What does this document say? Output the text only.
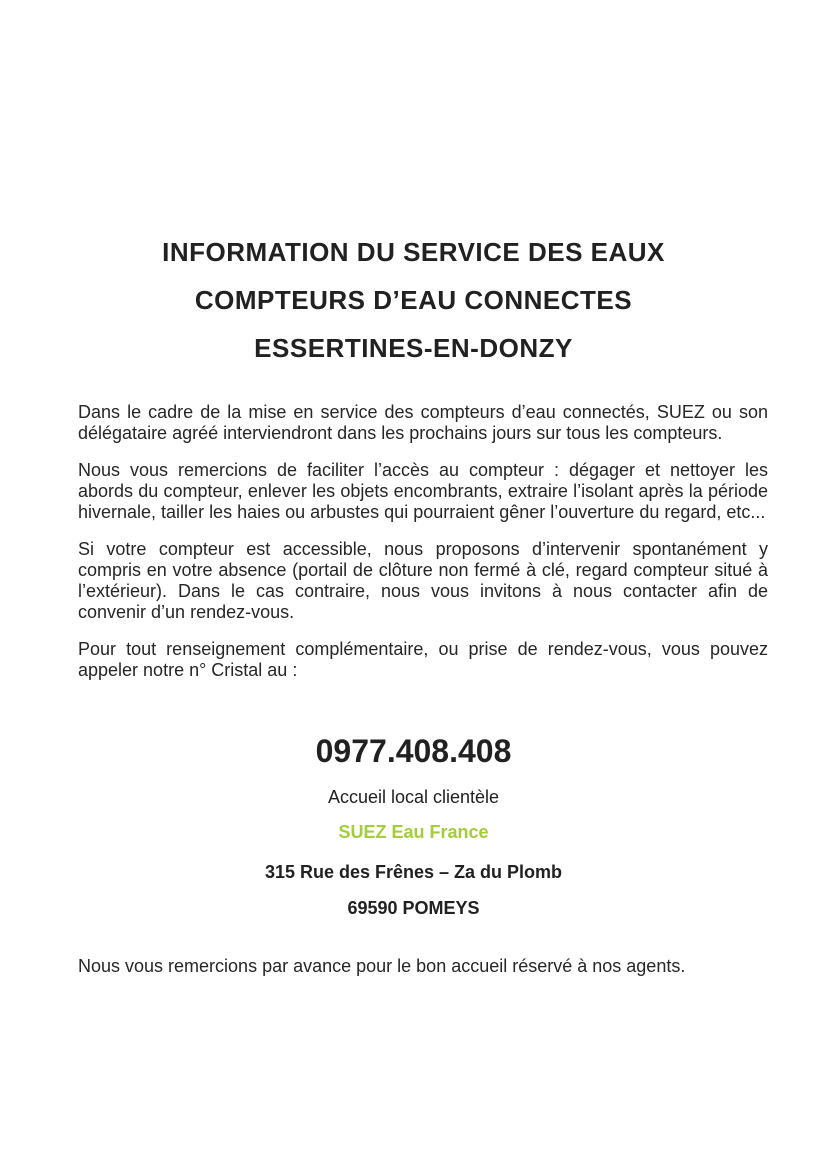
INFORMATION DU SERVICE DES EAUX
COMPTEURS D’EAU CONNECTES
ESSERTINES-EN-DONZY

Dans le cadre de la mise en service des compteurs d’eau connectés, SUEZ ou son délégataire agréé interviendront dans les prochains jours sur tous les compteurs.

Nous vous remercions de faciliter l’accès au compteur : dégager et nettoyer les abords du compteur, enlever les objets encombrants, extraire l’isolant après la période hivernale, tailler les haies ou arbustes qui pourraient gêner l’ouverture du regard, etc...

Si votre compteur est accessible, nous proposons d’intervenir spontanément y compris en votre absence (portail de clôture non fermé à clé, regard compteur situé à l’extérieur). Dans le cas contraire, nous vous invitons à nous contacter afin de convenir d’un rendez-vous.

Pour tout renseignement complémentaire, ou prise de rendez-vous, vous pouvez appeler notre n° Cristal au :

0977.408.408
Accueil local clientèle
SUEZ Eau France
315 Rue des Frênes – Za du Plomb
69590 POMEYS
Nous vous remercions par avance pour le bon accueil réservé à nos agents.
